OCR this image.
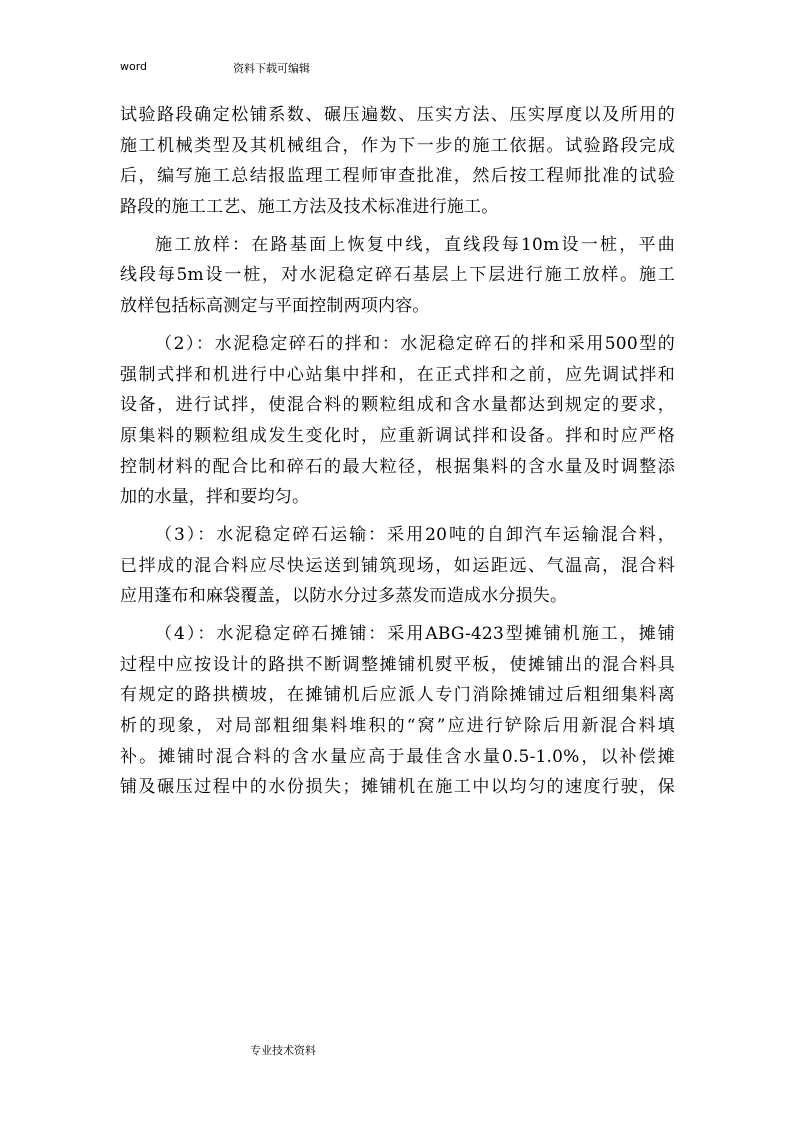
word	资料下载可编辑
试验路段确定松铺系数、碾压遍数、压实方法、压实厚度以及所用的
施工机械类型及其机械组合，作为下一步的施工依据。试验路段完成
后，编写施工总结报监理工程师审查批准，然后按工程师批准的试验
路段的施工工艺、施工方法及技术标准进行施工。
施工放样：在路基面上恢复中线，直线段每10m设一桩，平曲
线段每5m设一桩，对水泥稳定碎石基层上下层进行施工放样。施工
放样包括标高测定与平面控制两项内容。
（2）：水泥稳定碎石的拌和：水泥稳定碎石的拌和采用500型的
强制式拌和机进行中心站集中拌和，在正式拌和之前，应先调试拌和
设备，进行试拌，使混合料的颗粒组成和含水量都达到规定的要求，
原集料的颗粒组成发生变化时，应重新调试拌和设备。拌和时应严格
控制材料的配合比和碎石的最大粒径，根据集料的含水量及时调整添
加的水量，拌和要均匀。
（3）：水泥稳定碎石运输：采用20吨的自卸汽车运输混合料，
已拌成的混合料应尽快运送到铺筑现场，如运距远、气温高，混合料
应用蓬布和麻袋覆盖，以防水分过多蒸发而造成水分损失。
（4）：水泥稳定碎石摊铺：采用ABG-423型摊铺机施工，摊铺
过程中应按设计的路拱不断调整摊铺机熨平板，使摊铺出的混合料具
有规定的路拱横坡，在摊铺机后应派人专门消除摊铺过后粗细集料离
析的现象，对局部粗细集料堆积的“窝”应进行铲除后用新混合料填
补。摊铺时混合料的含水量应高于最佳含水量0.5-1.0%，以补偿摊
铺及碾压过程中的水份损失；摊铺机在施工中以均匀的速度行驶，保
专业技术资料
